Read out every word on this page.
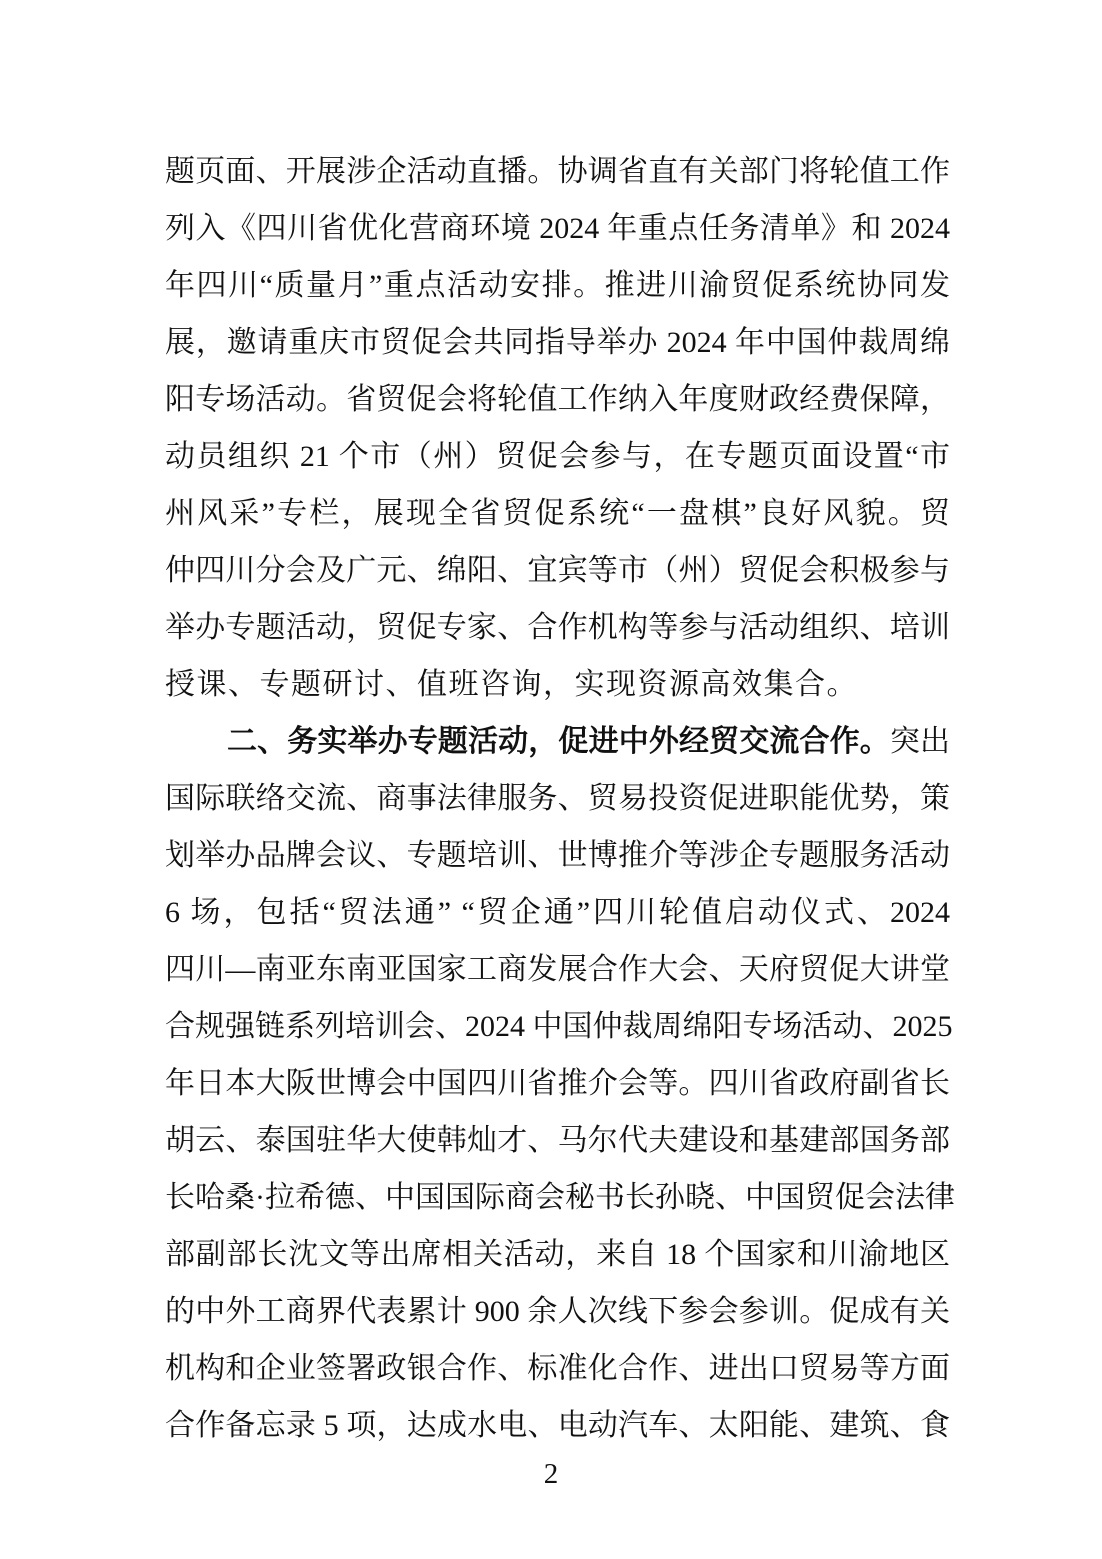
题页面、开展涉企活动直播。协调省直有关部门将轮值工作
列入《四川省优化营商环境 2024 年重点任务清单》和 2024
年四川“质量月”重点活动安排。推进川渝贸促系统协同发
展，邀请重庆市贸促会共同指导举办 2024 年中国仲裁周绵
阳专场活动。省贸促会将轮值工作纳入年度财政经费保障，
动员组织 21 个市（州）贸促会参与，在专题页面设置“市
州风采”专栏，展现全省贸促系统“一盘棋”良好风貌。贸
仲四川分会及广元、绵阳、宜宾等市（州）贸促会积极参与
举办专题活动，贸促专家、合作机构等参与活动组织、培训
授课、专题研讨、值班咨询，实现资源高效集合。
二、务实举办专题活动，促进中外经贸交流合作。突出
国际联络交流、商事法律服务、贸易投资促进职能优势，策
划举办品牌会议、专题培训、世博推介等涉企专题服务活动
6 场，包括“贸法通” “贸企通”四川轮值启动仪式、2024
四川—南亚东南亚国家工商发展合作大会、天府贸促大讲堂
合规强链系列培训会、2024 中国仲裁周绵阳专场活动、2025
年日本大阪世博会中国四川省推介会等。四川省政府副省长
胡云、泰国驻华大使韩灿才、马尔代夫建设和基建部国务部
长哈桑·拉希德、中国国际商会秘书长孙晓、中国贸促会法律
部副部长沈文等出席相关活动，来自 18 个国家和川渝地区
的中外工商界代表累计 900 余人次线下参会参训。促成有关
机构和企业签署政银合作、标准化合作、进出口贸易等方面
合作备忘录 5 项，达成水电、电动汽车、太阳能、建筑、食
2
